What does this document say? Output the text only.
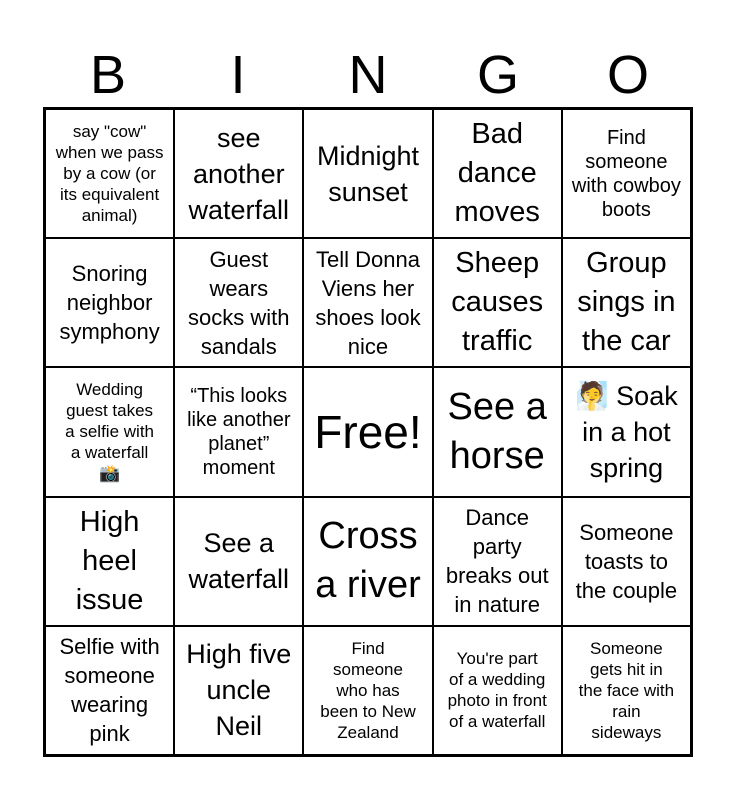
B	I	N	G	O
say "cow"
when we pass
by a cow (or
its equivalent
animal)
see
another
waterfall
Midnight
sunset
Bad
dance
moves
Find
someone
with cowboy
boots
Snoring
neighbor
symphony
Guest
wears
socks with
sandals
Tell Donna
Viens her
shoes look
nice
Sheep
causes
traffic
Group
sings in
the car
Wedding
guest takes
a selfie with
a waterfall
📸
“This looks
like another
planet”
moment
Free! See a
horse
🧖 Soak
in a hot
spring
High
heel
issue
See a
waterfall
Cross
a river
Dance
party
breaks out
in nature
Someone
toasts to
the couple
Selfie with
someone
wearing
pink
High five
uncle
Neil
Find
someone
who has
been to New
Zealand
You're part
of a wedding
photo in front
of a waterfall
Someone
gets hit in
the face with
rain
sideways
